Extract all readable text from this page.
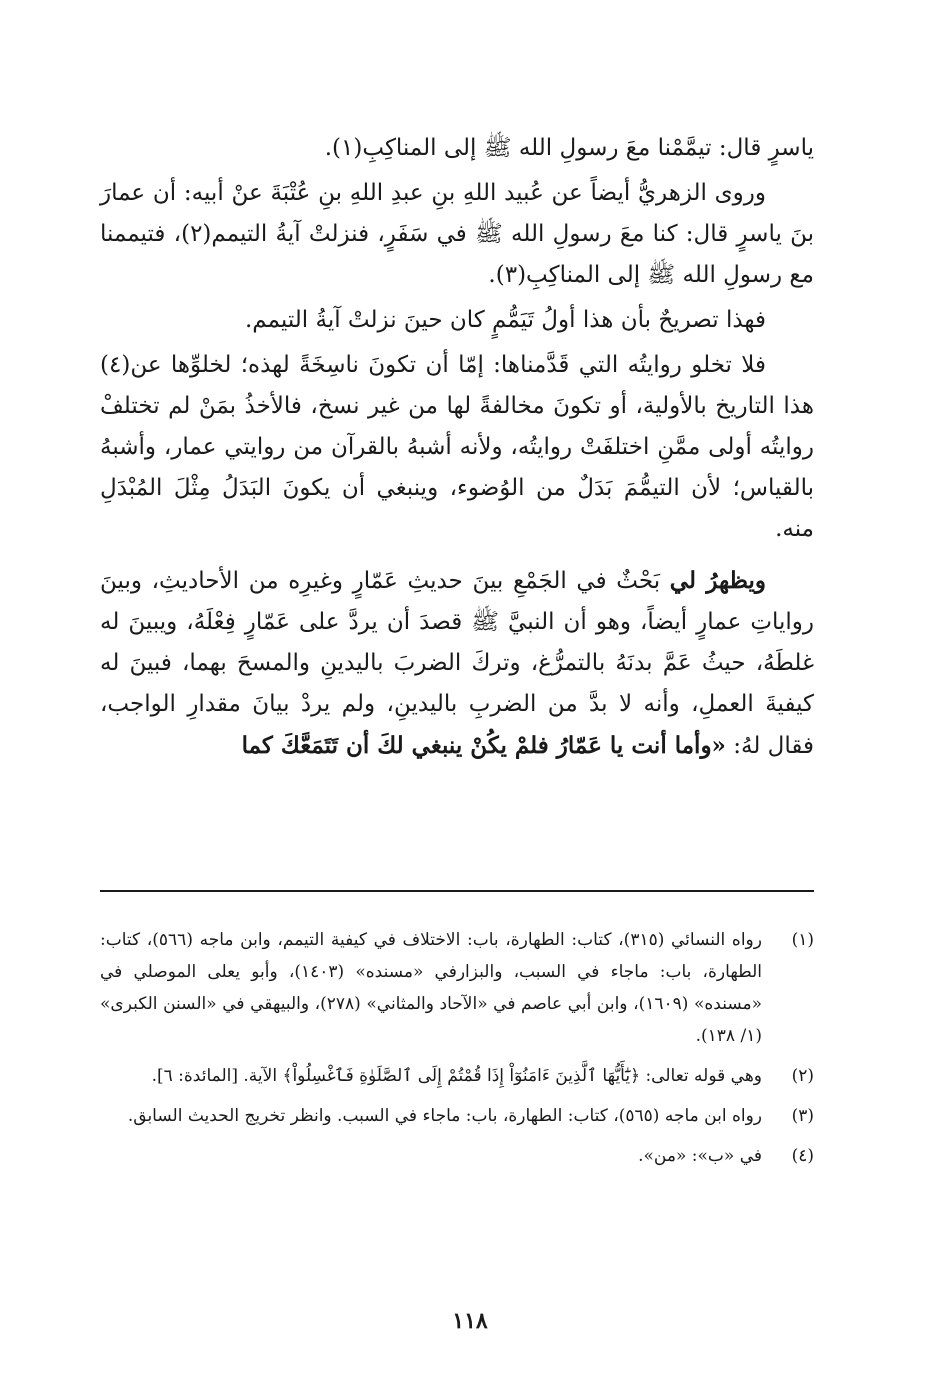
ياسرٍ قال: تيمَّمْنا معَ رسولِ الله ﷺ إلى المناكِبِ(١).

وروى الزهريُّ أيضاً عن عُبيد اللهِ بنِ عبدِ اللهِ بنِ عُتْبَةَ عنْ أبيه: أن عمارَ بنَ ياسرٍ قال: كنا معَ رسولِ الله ﷺ في سَفَرٍ، فنزلتْ آيةُ التيمم(٢)، فتيممنا مع رسولِ الله ﷺ إلى المناكِبِ(٣).

فهذا تصريحٌ بأن هذا أولُ تَيَمُّمٍ كان حينَ نزلتْ آيةُ التيمم.

فلا تخلو روايتُه التي قَدَّمناها: إمّا أن تكونَ ناسِخَةً لهذه؛ لخلوِّها عن(٤) هذا التاريخ بالأولية، أو تكونَ مخالفةً لها من غير نسخ، فالأخذُ بمَنْ لم تختلفْ روايتُه أولى ممَّنِ اختلفَتْ روايتُه، ولأنه أشبهُ بالقرآن من روايتي عمار، وأشبهُ بالقياس؛ لأن التيمُّمَ بَدَلٌ من الوُضوء، وينبغي أن يكونَ البَدَلُ مِثْلَ المُبْدَلِ منه.

ويظهرُ لي بَحْثٌ في الجَمْعِ بينَ حديثِ عَمّارٍ وغيرِه من الأحاديثِ، وبينَ رواياتِ عمارٍ أيضاً، وهو أن النبيَّ ﷺ قصدَ أن يردَّ على عَمّارٍ فِعْلَهُ، ويبينَ له غلطَهُ، حيثُ عَمَّ بدنَهُ بالتمرُّغ، وتركَ الضربَ باليدينِ والمسحَ بهما، فبينَ له كيفيةَ العملِ، وأنه لا بدَّ من الضربِ باليدينِ، ولم يردْ بيانَ مقدارِ الواجب، فقال لهُ: «وأما أنت يا عَمّارُ فلمْ يكُنْ ينبغي لكَ أن تَتَمَعَّكَ كما

(١)
رواه النسائي (٣١٥)، كتاب: الطهارة، باب: الاختلاف في كيفية التيمم، وابن ماجه (٥٦٦)، كتاب: الطهارة، باب: ماجاء في السبب، والبزارفي «مسنده» (١٤٠٣)، وأبو يعلى الموصلي في «مسنده» (١٦٠٩)، وابن أبي عاصم في «الآحاد والمثاني» (٢٧٨)، والبيهقي في «السنن الكبرى» (١/ ١٣٨).
(٢)
وهي قوله تعالى: ﴿يَٰٓأَيُّهَا ٱلَّذِينَ ءَامَنُوٓاْ إِذَا قُمْتُمْ إِلَى ٱلصَّلَوٰةِ فَٱغْسِلُواْ﴾ الآية. [المائدة: ٦].
(٣)
رواه ابن ماجه (٥٦٥)، كتاب: الطهارة، باب: ماجاء في السبب. وانظر تخريج الحديث السابق.
(٤)
في «ب»: «من».
١١٨
